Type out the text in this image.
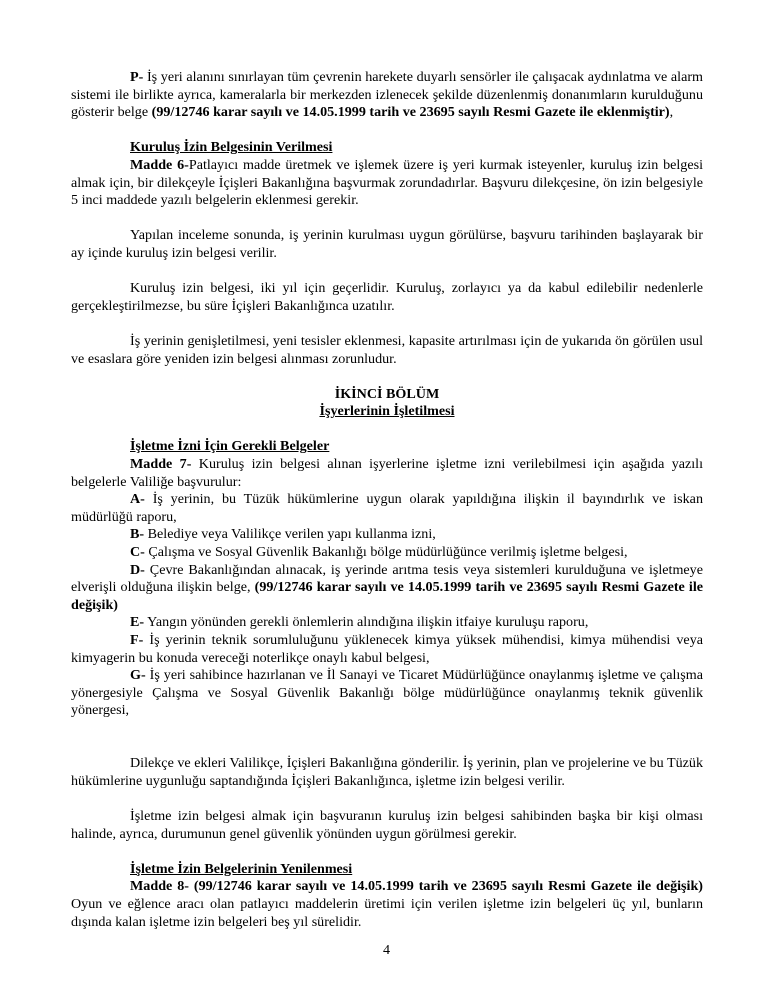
P- İş yeri alanını sınırlayan tüm çevrenin harekete duyarlı sensörler ile çalışacak aydınlatma ve alarm sistemi ile birlikte ayrıca, kameralarla bir merkezden izlenecek şekilde düzenlenmiş donanımların kurulduğunu gösterir belge (99/12746 karar sayılı ve 14.05.1999 tarih ve 23695 sayılı Resmi Gazete ile eklenmiştir),

Kuruluş İzin Belgesinin Verilmesi

Madde 6-Patlayıcı madde üretmek ve işlemek üzere iş yeri kurmak isteyenler, kuruluş izin belgesi almak için, bir dilekçeyle İçişleri Bakanlığına başvurmak zorundadırlar. Başvuru dilekçesine, ön izin belgesiyle 5 inci maddede yazılı belgelerin eklenmesi gerekir.

Yapılan inceleme sonunda, iş yerinin kurulması uygun görülürse, başvuru tarihinden başlayarak bir ay içinde kuruluş izin belgesi verilir.

Kuruluş izin belgesi, iki yıl için geçerlidir. Kuruluş, zorlayıcı ya da kabul edilebilir nedenlerle gerçekleştirilmezse, bu süre İçişleri Bakanlığınca uzatılır.

İş yerinin genişletilmesi, yeni tesisler eklenmesi, kapasite artırılması için de yukarıda ön görülen usul ve esaslara göre yeniden izin belgesi alınması zorunludur.

İKİNCİ BÖLÜM

İşyerlerinin İşletilmesi

İşletme İzni İçin Gerekli Belgeler

Madde 7- Kuruluş izin belgesi alınan işyerlerine işletme izni verilebilmesi için aşağıda yazılı belgelerle Valiliğe başvurulur:

A- İş yerinin, bu Tüzük hükümlerine uygun olarak yapıldığına ilişkin il bayındırlık ve iskan müdürlüğü raporu,

B- Belediye veya Valilikçe verilen yapı kullanma izni,

C- Çalışma ve Sosyal Güvenlik Bakanlığı bölge müdürlüğünce verilmiş işletme belgesi,

D- Çevre Bakanlığından alınacak, iş yerinde arıtma tesis veya sistemleri kurulduğuna ve işletmeye elverişli olduğuna ilişkin belge, (99/12746 karar sayılı ve 14.05.1999 tarih ve 23695 sayılı Resmi Gazete ile değişik)

E- Yangın yönünden gerekli önlemlerin alındığına ilişkin itfaiye kuruluşu raporu,

F- İş yerinin teknik sorumluluğunu yüklenecek kimya yüksek mühendisi, kimya mühendisi veya kimyagerin bu konuda vereceği noterlikçe onaylı kabul belgesi,

G- İş yeri sahibince hazırlanan ve İl Sanayi ve Ticaret Müdürlüğünce onaylanmış işletme ve çalışma yönergesiyle Çalışma ve Sosyal Güvenlik Bakanlığı bölge müdürlüğünce onaylanmış teknik güvenlik yönergesi,

Dilekçe ve ekleri Valilikçe, İçişleri Bakanlığına gönderilir. İş yerinin, plan ve projelerine ve bu Tüzük hükümlerine uygunluğu saptandığında İçişleri Bakanlığınca, işletme izin belgesi verilir.

İşletme izin belgesi almak için başvuranın kuruluş izin belgesi sahibinden başka bir kişi olması halinde, ayrıca, durumunun genel güvenlik yönünden uygun görülmesi gerekir.

İşletme İzin Belgelerinin Yenilenmesi

Madde 8- (99/12746 karar sayılı ve 14.05.1999 tarih ve 23695 sayılı Resmi Gazete ile değişik) Oyun ve eğlence aracı olan patlayıcı maddelerin üretimi için verilen işletme izin belgeleri üç yıl, bunların dışında kalan işletme izin belgeleri beş yıl sürelidir.

4
